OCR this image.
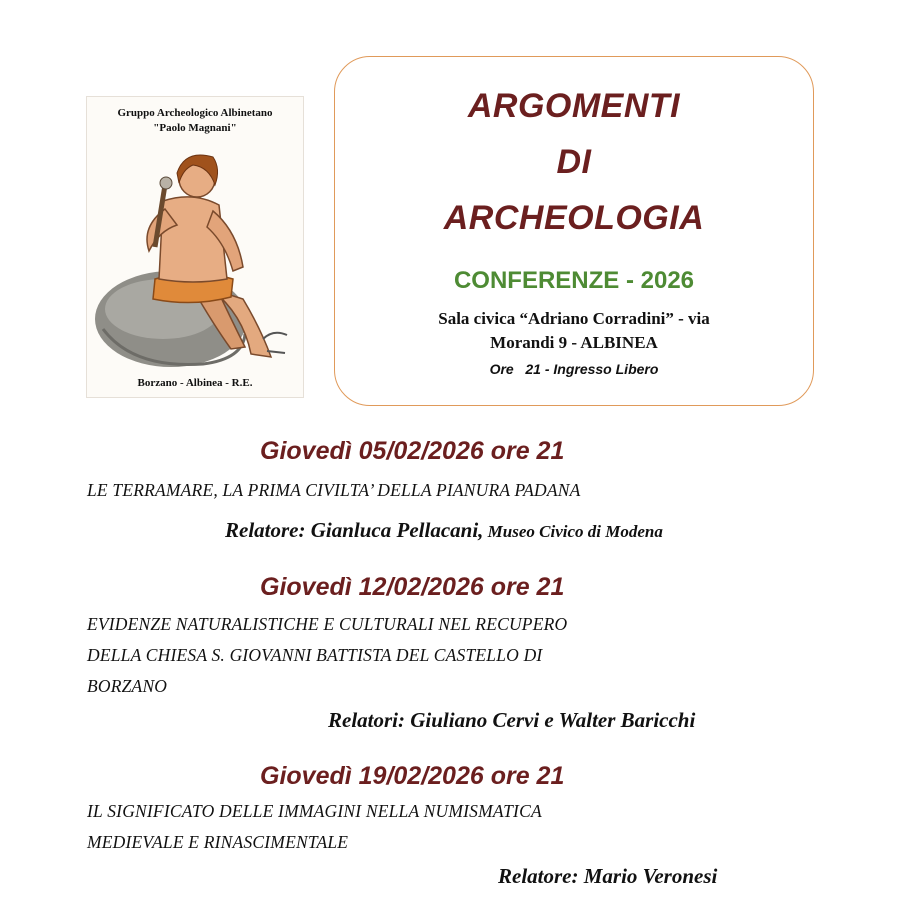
Gruppo Archeologico Albinetano
"Paolo Magnani"
Borzano - Albinea - R.E.
ARGOMENTI
DI
ARCHEOLOGIA
CONFERENZE - 2026
Sala civica “Adriano Corradini” - via
Morandi 9 - ALBINEA
Ore   21 - Ingresso Libero
Giovedì 05/02/2026 ore 21
LE TERRAMARE, LA PRIMA CIVILTA’ DELLA PIANURA PADANA
Relatore: Gianluca Pellacani, Museo Civico di Modena
Giovedì 12/02/2026 ore 21
EVIDENZE NATURALISTICHE E CULTURALI NEL RECUPERO
DELLA CHIESA S. GIOVANNI BATTISTA DEL CASTELLO DI
BORZANO
Relatori: Giuliano Cervi e Walter Baricchi
Giovedì 19/02/2026 ore 21
IL SIGNIFICATO DELLE IMMAGINI NELLA NUMISMATICA
MEDIEVALE E RINASCIMENTALE
Relatore: Mario Veronesi
